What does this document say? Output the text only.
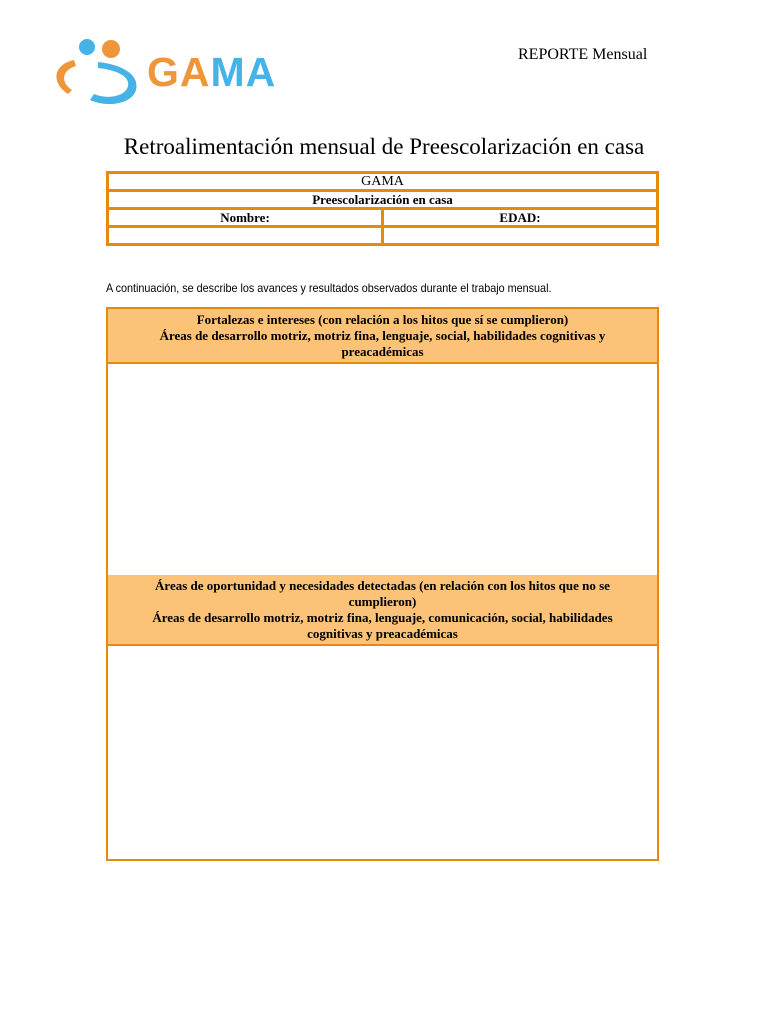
GAMA	REPORTE Mensual
Retroalimentación mensual de Preescolarización en casa
GAMA	
Preescolarización en casa	
Nombre:	EDAD:

A continuación, se describe los avances y resultados observados durante el trabajo mensual.
Fortalezas e intereses (con relación a los hitos que sí se cumplieron)
Áreas de desarrollo motriz, motriz fina, lenguaje, social, habilidades cognitivas y preacadémicas
Áreas de oportunidad y necesidades detectadas (en relación con los hitos que no se cumplieron)
Áreas de desarrollo motriz, motriz fina, lenguaje, comunicación, social, habilidades cognitivas y preacadémicas
